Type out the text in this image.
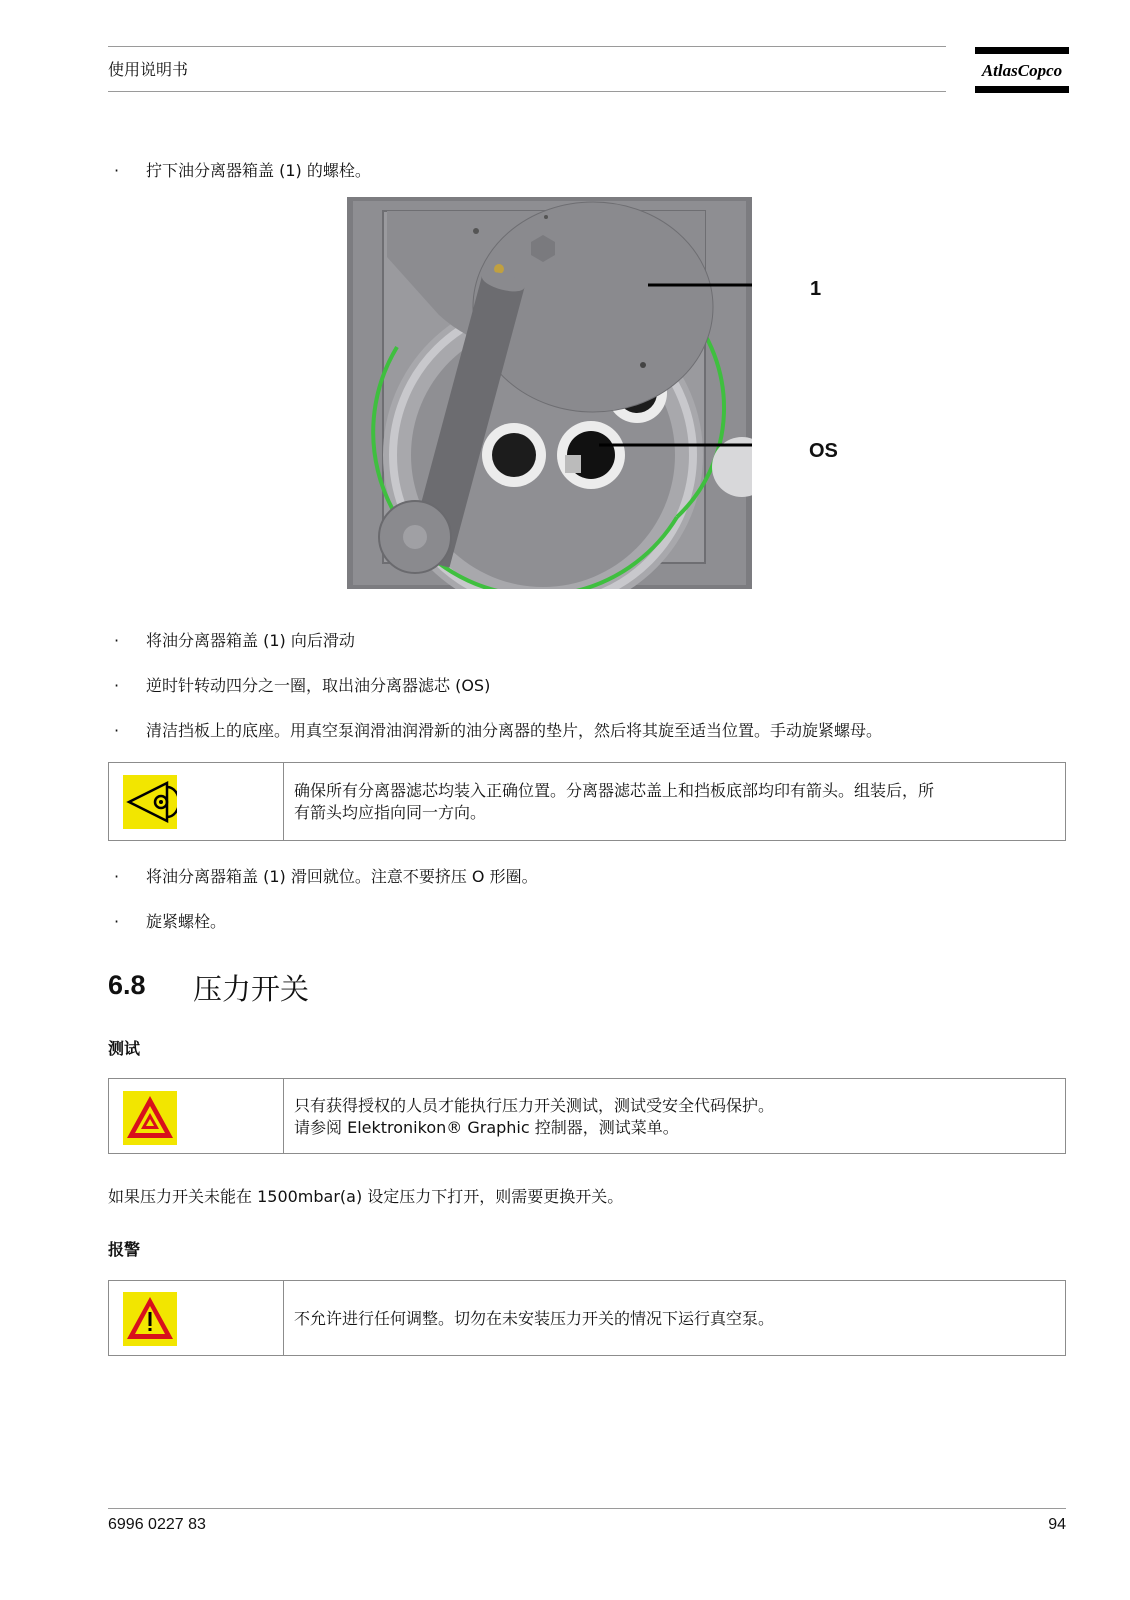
使用说明书	AtlasCopco
· 拧下油分离器箱盖 (1) 的螺栓。
1
OS
· 将油分离器箱盖 (1) 向后滑动
· 逆时针转动四分之一圈，取出油分离器滤芯 (OS)
· 清洁挡板上的底座。用真空泵润滑油润滑新的油分离器的垫片，然后将其旋至适当位置。手动旋紧螺母。
确保所有分离器滤芯均装入正确位置。分离器滤芯盖上和挡板底部均印有箭头。组装后，所
有箭头均应指向同一方向。
· 将油分离器箱盖 (1) 滑回就位。注意不要挤压 O 形圈。
· 旋紧螺栓。
6.8 压力开关
测试
只有获得授权的人员才能执行压力开关测试，测试受安全代码保护。
请参阅 Elektronikon® Graphic 控制器，测试菜单。
如果压力开关未能在 1500mbar(a) 设定压力下打开，则需要更换开关。
报警
不允许进行任何调整。切勿在未安装压力开关的情况下运行真空泵。
6996 0227 83	94
